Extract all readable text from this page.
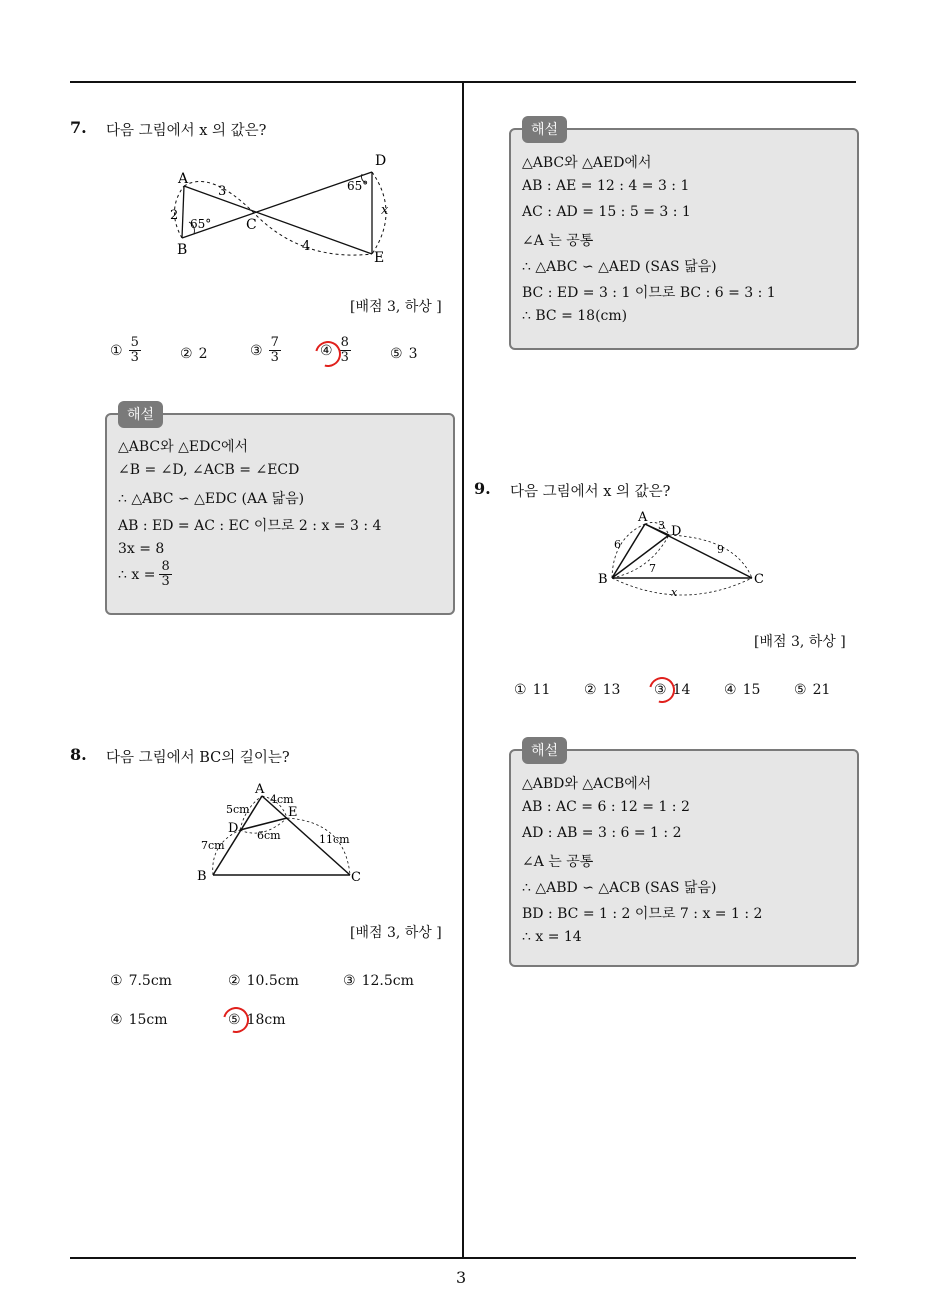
3
7. 다음 그림에서 x 의 값은?
A
B
C
D
E
2
3
4
x
65°
65°
[배점 3, 하상 ]
① $\frac{5}{3}$	② 2	③ $\frac{7}{3}$	④ $\frac{8}{3}$	⑤ 3
해설
△ABC와 △EDC에서
∠B = ∠D, ∠ACB = ∠ECD
∴ △ABC ∽ △EDC (AA 닮음)
AB : ED = AC : EC 이므로 2 : x = 3 : 4
3x = 8
∴ $x = \frac{8}{3}$
8. 다음 그림에서 BC의 길이는?
A
B	C
D
E
5cm
4cm
6cm
7cm	11cm
[배점 3, 하상 ]
① 7.5cm	② 10.5cm	③ 12.5cm
④ 15cm	⑤ 18cm
해설
△ABC와 △AED에서
AB : AE = 12 : 4 = 3 : 1
AC : AD = 15 : 5 = 3 : 1
∠A 는 공통
∴ △ABC ∽ △AED (SAS 닮음)
BC : ED = 3 : 1 이므로 BC : 6 = 3 : 1
∴ BC = 18(cm)
9. 다음 그림에서 x 의 값은?
A
B	C
D
3
6
7
9
x
[배점 3, 하상 ]
① 11 ② 13 ③ 14 ④ 15 ⑤ 21
해설
△ABD와 △ACB에서
AB : AC = 6 : 12 = 1 : 2
AD : AB = 3 : 6 = 1 : 2
∠A 는 공통
∴ △ABD ∽ △ACB (SAS 닮음)
BD : BC = 1 : 2 이므로 7 : x = 1 : 2
∴ x = 14
